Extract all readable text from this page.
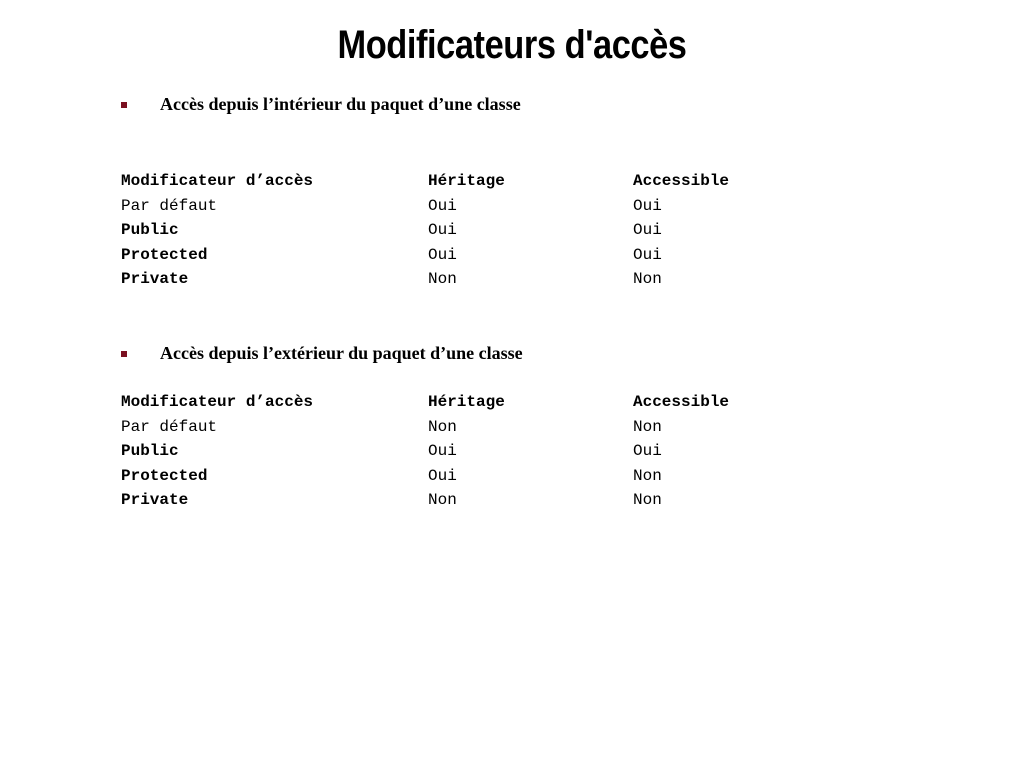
Modificateurs d'accès
Accès depuis l’intérieur du paquet d’une classe
Modificateur d’accès	Héritage	Accessible
Par défaut	Oui	Oui
Public	Oui	Oui
Protected	Oui	Oui
Private	Non	Non
Accès depuis l’extérieur du paquet d’une classe
Modificateur d’accès	Héritage	Accessible
Par défaut	Non	Non
Public	Oui	Oui
Protected	Oui	Non
Private	Non	Non
